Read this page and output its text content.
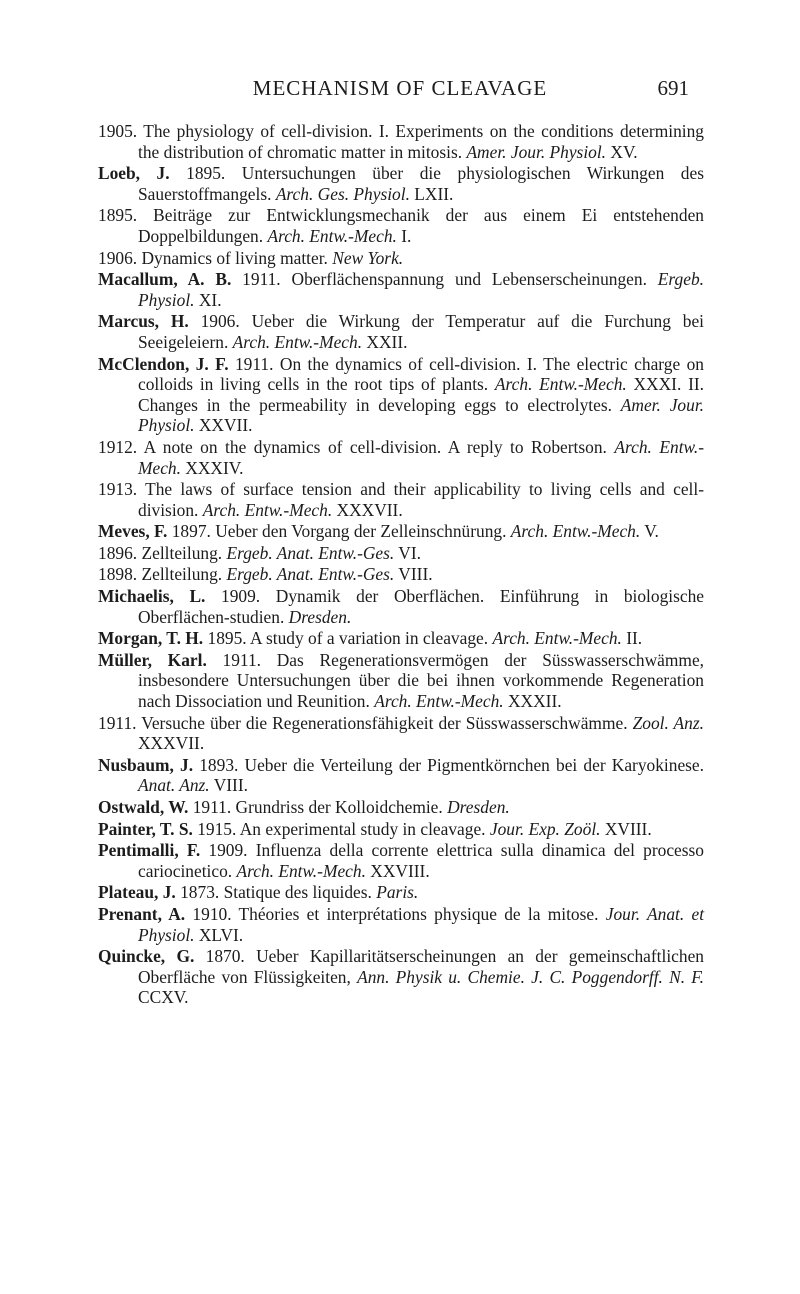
MECHANISM OF CLEAVAGE	691

1905. The physiology of cell-division. I. Experiments on the conditions determining the distribution of chromatic matter in mitosis. Amer. Jour. Physiol. XV.

Loeb, J. 1895. Untersuchungen über die physiologischen Wirkungen des Sauerstoffmangels. Arch. Ges. Physiol. LXII.

1895. Beiträge zur Entwicklungsmechanik der aus einem Ei entstehenden Doppelbildungen. Arch. Entw.-Mech. I.

1906. Dynamics of living matter. New York.

Macallum, A. B. 1911. Oberflächenspannung und Lebenserscheinungen. Ergeb. Physiol. XI.

Marcus, H. 1906. Ueber die Wirkung der Temperatur auf die Furchung bei Seeigeleiern. Arch. Entw.-Mech. XXII.

McClendon, J. F. 1911. On the dynamics of cell-division. I. The electric charge on colloids in living cells in the root tips of plants. Arch. Entw.-Mech. XXXI. II. Changes in the permeability in developing eggs to electrolytes. Amer. Jour. Physiol. XXVII.

1912. A note on the dynamics of cell-division. A reply to Robertson. Arch. Entw.-Mech. XXXIV.

1913. The laws of surface tension and their applicability to living cells and cell-division. Arch. Entw.-Mech. XXXVII.

Meves, F. 1897. Ueber den Vorgang der Zelleinschnürung. Arch. Entw.-Mech. V.

1896. Zellteilung. Ergeb. Anat. Entw.-Ges. VI.

1898. Zellteilung. Ergeb. Anat. Entw.-Ges. VIII.

Michaelis, L. 1909. Dynamik der Oberflächen. Einführung in biologische Oberflächen-studien. Dresden.

Morgan, T. H. 1895. A study of a variation in cleavage. Arch. Entw.-Mech. II.

Müller, Karl. 1911. Das Regenerationsvermögen der Süsswasserschwämme, insbesondere Untersuchungen über die bei ihnen vorkommende Regeneration nach Dissociation und Reunition. Arch. Entw.-Mech. XXXII.

1911. Versuche über die Regenerationsfähigkeit der Süsswasserschwämme. Zool. Anz. XXXVII.

Nusbaum, J. 1893. Ueber die Verteilung der Pigmentkörnchen bei der Karyokinese. Anat. Anz. VIII.

Ostwald, W. 1911. Grundriss der Kolloidchemie. Dresden.

Painter, T. S. 1915. An experimental study in cleavage. Jour. Exp. Zoöl. XVIII.

Pentimalli, F. 1909. Influenza della corrente elettrica sulla dinamica del processo cariocinetico. Arch. Entw.-Mech. XXVIII.

Plateau, J. 1873. Statique des liquides. Paris.

Prenant, A. 1910. Théories et interprétations physique de la mitose. Jour. Anat. et Physiol. XLVI.

Quincke, G. 1870. Ueber Kapillaritätserscheinungen an der gemeinschaftlichen Oberfläche von Flüssigkeiten, Ann. Physik u. Chemie. J. C. Poggendorff. N. F. CCXV.
